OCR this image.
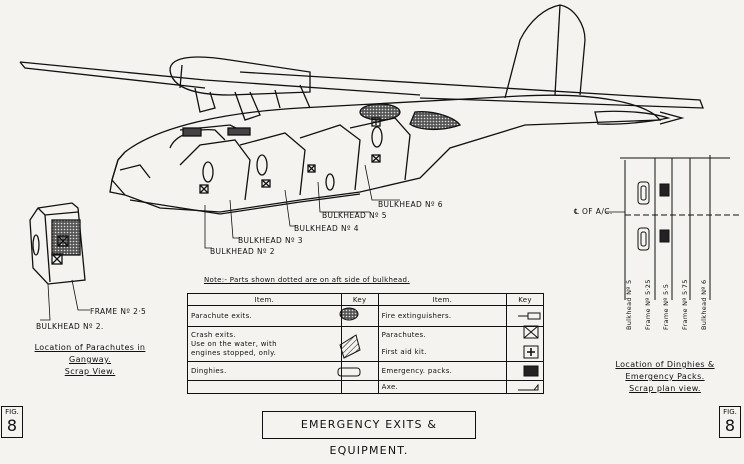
BULKHEAD Nº 6
BULKHEAD Nº 5
BULKHEAD Nº 4
BULKHEAD Nº 3
BULKHEAD Nº 2
FRAME Nº 2·5
BULKHEAD Nº 2.
℄ OF A/C.
Note:- Parts shown dotted are on aft side of bulkhead.	Bulkhead Nº 5 Frame Nº 5·25 Frame Nº 5·5 Frame Nº 5·75 Bulkhead Nº 6
Location of Parachutes in
Gangway.
Scrap View.
Location of Dinghies &
Emergency Packs.
Scrap plan view.
Item.	Key	Item.	Key
Parachute exits.		Fire extinguishers.	

Crash exits.
Use on the water, with
engines stopped, only.		Parachutes.
First aid kit.	

Dinghies.		Emergency. packs.	
		Axe.	
FIG.
8
FIG.
8
EMERGENCY EXITS & EQUIPMENT.
